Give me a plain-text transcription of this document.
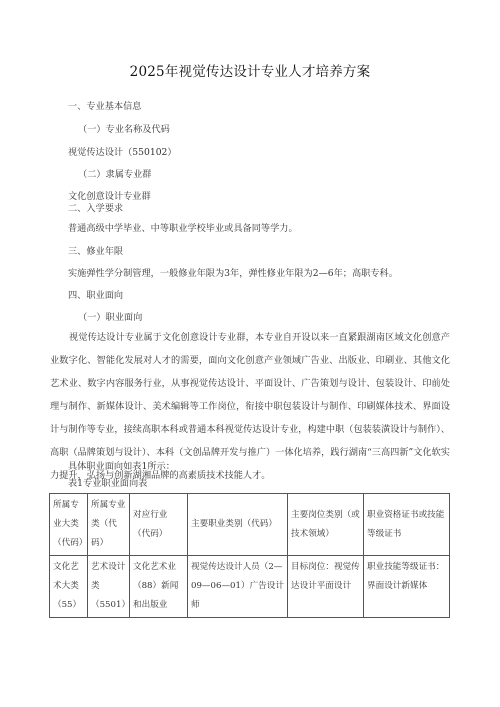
2025年视觉传达设计专业人才培养方案
一、专业基本信息
（一）专业名称及代码
视觉传达设计（550102）
（二）隶属专业群
文化创意设计专业群
二、入学要求
普通高级中学毕业、中等职业学校毕业或具备同等学力。
三、修业年限
实施弹性学分制管理，一般修业年限为3年，弹性修业年限为2—6年；高职专科。
四、职业面向
（一）职业面向
视觉传达设计专业属于文化创意设计专业群，本专业自开设以来一直紧跟湖南区域文化创意产业数字化、智能化发展对人才的需要，面向文化创意产业领域广告业、出版业、印刷业、其他文化艺术业、数字内容服务行业，从事视觉传达设计、平面设计、广告策划与设计、包装设计、印前处理与制作、新媒体设计、美术编辑等工作岗位，衔接中职包装设计与制作、印刷媒体技术、界面设计与制作等专业，接续高职本科或普通本科视觉传达设计专业，构建中职（包装装潢设计与制作）、高职（品牌策划与设计）、本科（文创品牌开发与推广）一体化培养，践行湖南“三高四新”文化软实力提升，弘扬与创新湖湘品牌的高素质技术技能人才。
具体职业面向如表1所示：
表1专业职业面向表
所属专业大类（代码）	所属专业类（代码）	对应行业（代码）	主要职业类别（代码）	主要岗位类别（或技术领域）	职业资格证书或技能等级证书
文化艺术大类（55）	艺术设计类（5501）	文化艺术业（88）新闻和出版业	视觉传达设计人员（2—09—06—01）广告设计师	目标岗位：视觉传达设计平面设计	职业技能等级证书：界面设计新媒体
